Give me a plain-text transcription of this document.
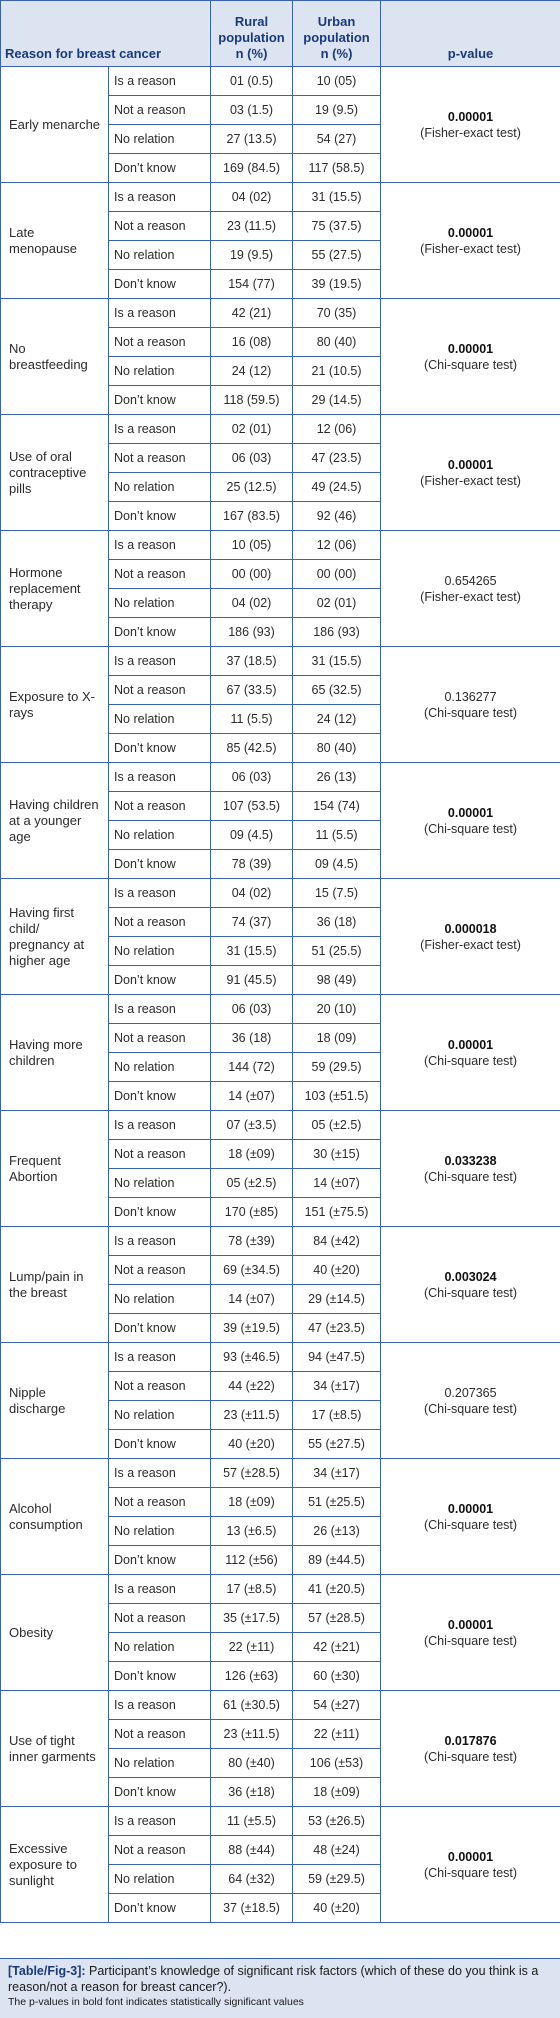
Reason for breast cancer		Rural
population
n (%)	Urban
population
n (%)	p-value
Early menarche	Is a reason	01 (0.5)	10 (05)	0.00001
(Fisher-exact test)

	Not a reason	03 (1.5)	19 (9.5)	
	No relation	27 (13.5)	54 (27)	
	Don’t know	169 (84.5)	117 (58.5)	
Late menopause	Is a reason	04 (02)	31 (15.5)	0.00001
(Fisher-exact test)

	Not a reason	23 (11.5)	75 (37.5)	
	No relation	19 (9.5)	55 (27.5)	
	Don’t know	154 (77)	39 (19.5)	
No breastfeeding	Is a reason	42 (21)	70 (35)	0.00001
(Chi-square test)

	Not a reason	16 (08)	80 (40)	
	No relation	24 (12)	21 (10.5)	
	Don’t know	118 (59.5)	29 (14.5)	
Use of oral contraceptive pills	Is a reason	02 (01)	12 (06)	0.00001
(Fisher-exact test)

	Not a reason	06 (03)	47 (23.5)	
	No relation	25 (12.5)	49 (24.5)	
	Don’t know	167 (83.5)	92 (46)	
Hormone replacement therapy	Is a reason	10 (05)	12 (06)	0.654265
(Fisher-exact test)

	Not a reason	00 (00)	00 (00)	
	No relation	04 (02)	02 (01)	
	Don’t know	186 (93)	186 (93)	
Exposure to X-rays	Is a reason	37 (18.5)	31 (15.5)	0.136277
(Chi-square test)

	Not a reason	67 (33.5)	65 (32.5)	
	No relation	11 (5.5)	24 (12)	
	Don’t know	85 (42.5)	80 (40)	
Having children at a younger age	Is a reason	06 (03)	26 (13)	0.00001
(Chi-square test)

	Not a reason	107 (53.5)	154 (74)	
	No relation	09 (4.5)	11 (5.5)	
	Don’t know	78 (39)	09 (4.5)	
Having first child/ pregnancy at higher age	Is a reason	04 (02)	15 (7.5)	0.000018
(Fisher-exact test)

	Not a reason	74 (37)	36 (18)	
	No relation	31 (15.5)	51 (25.5)	
	Don’t know	91 (45.5)	98 (49)	
Having more children	Is a reason	06 (03)	20 (10)	0.00001
(Chi-square test)

	Not a reason	36 (18)	18 (09)	
	No relation	144 (72)	59 (29.5)	
	Don’t know	14 (±07)	103 (±51.5)	
Frequent Abortion	Is a reason	07 (±3.5)	05 (±2.5)	0.033238
(Chi-square test)

	Not a reason	18 (±09)	30 (±15)	
	No relation	05 (±2.5)	14 (±07)	
	Don’t know	170 (±85)	151 (±75.5)	
Lump/pain in the breast	Is a reason	78 (±39)	84 (±42)	0.003024
(Chi-square test)

	Not a reason	69 (±34.5)	40 (±20)	
	No relation	14 (±07)	29 (±14.5)	
	Don’t know	39 (±19.5)	47 (±23.5)	
Nipple discharge	Is a reason	93 (±46.5)	94 (±47.5)	0.207365
(Chi-square test)

	Not a reason	44 (±22)	34 (±17)	
	No relation	23 (±11.5)	17 (±8.5)	
	Don’t know	40 (±20)	55 (±27.5)	
Alcohol consumption	Is a reason	57 (±28.5)	34 (±17)	0.00001
(Chi-square test)

	Not a reason	18 (±09)	51 (±25.5)	
	No relation	13 (±6.5)	26 (±13)	
	Don’t know	112 (±56)	89 (±44.5)	
Obesity	Is a reason	17 (±8.5)	41 (±20.5)	0.00001
(Chi-square test)

	Not a reason	35 (±17.5)	57 (±28.5)	
	No relation	22 (±11)	42 (±21)	
	Don’t know	126 (±63)	60 (±30)	
Use of tight inner garments	Is a reason	61 (±30.5)	54 (±27)	0.017876
(Chi-square test)

	Not a reason	23 (±11.5)	22 (±11)	
	No relation	80 (±40)	106 (±53)	
	Don’t know	36 (±18)	18 (±09)	
Excessive exposure to sunlight	Is a reason	11 (±5.5)	53 (±26.5)	0.00001
(Chi-square test)

	Not a reason	88 (±44)	48 (±24)	
	No relation	64 (±32)	59 (±29.5)	
	Don’t know	37 (±18.5)	40 (±20)	
[Table/Fig-3]: Participant’s knowledge of significant risk factors (which of these do you think is a reason/not a reason for breast cancer?).
The p-values in bold font indicates statistically significant values
